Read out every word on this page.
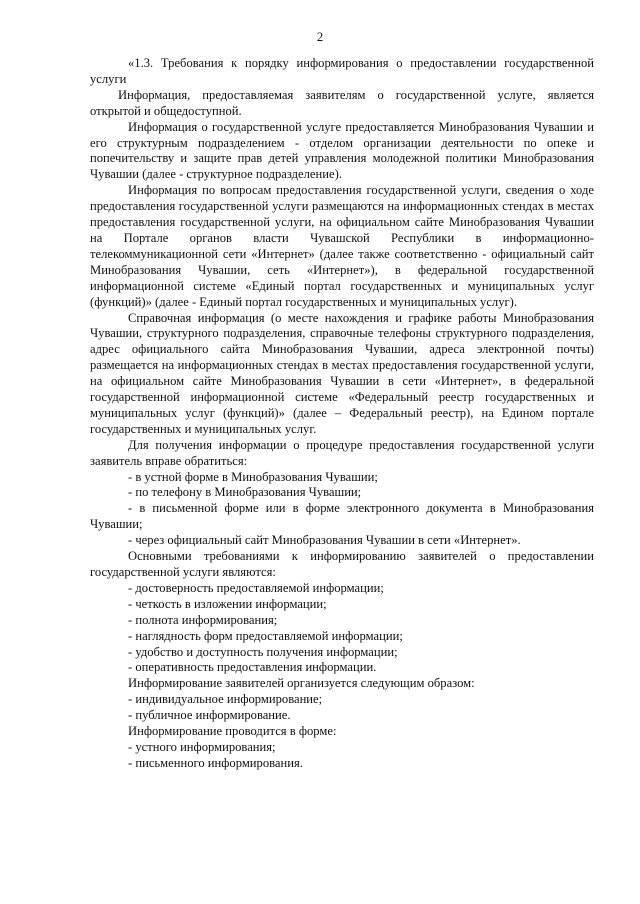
2

«1.3. Требования к порядку информирования о предоставлении государственной услуги

Информация, предоставляемая заявителям о государственной услуге, является открытой и общедоступной.

Информация о государственной услуге предоставляется Минобразования Чувашии и его структурным подразделением - отделом организации деятельности по опеке и попечительству и защите прав детей управления молодежной политики Минобразования Чувашии (далее - структурное подразделение).

Информация по вопросам предоставления государственной услуги, сведения о ходе предоставления государственной услуги размещаются на информационных стендах в местах предоставления государственной услуги, на официальном сайте Минобразования Чувашии на Портале органов власти Чувашской Республики в информационно-телекоммуникационной сети «Интернет» (далее также соответственно - официальный сайт Минобразования Чувашии, сеть «Интернет»), в федеральной государственной информационной системе «Единый портал государственных и муниципальных услуг (функций)» (далее - Единый портал государственных и муниципальных услуг).

Справочная информация (о месте нахождения и графике работы Минобразования Чувашии, структурного подразделения, справочные телефоны структурного подразделения, адрес официального сайта Минобразования Чувашии, адреса электронной почты) размещается на информационных стендах в местах предоставления государственной услуги, на официальном сайте Минобразования Чувашии в сети «Интернет», в федеральной государственной информационной системе «Федеральный реестр государственных и муниципальных услуг (функций)» (далее – Федеральный реестр), на Едином портале государственных и муниципальных услуг.

Для получения информации о процедуре предоставления государственной услуги заявитель вправе обратиться:

- в устной форме в Минобразования Чувашии;

- по телефону в Минобразования Чувашии;

- в письменной форме или в форме электронного документа в Минобразования Чувашии;

- через официальный сайт Минобразования Чувашии в сети «Интернет».

Основными требованиями к информированию заявителей о предоставлении государственной услуги являются:

- достоверность предоставляемой информации;

- четкость в изложении информации;

- полнота информирования;

- наглядность форм предоставляемой информации;

- удобство и доступность получения информации;

- оперативность предоставления информации.

Информирование заявителей организуется следующим образом:

- индивидуальное информирование;

- публичное информирование.

Информирование проводится в форме:

- устного информирования;

- письменного информирования.
